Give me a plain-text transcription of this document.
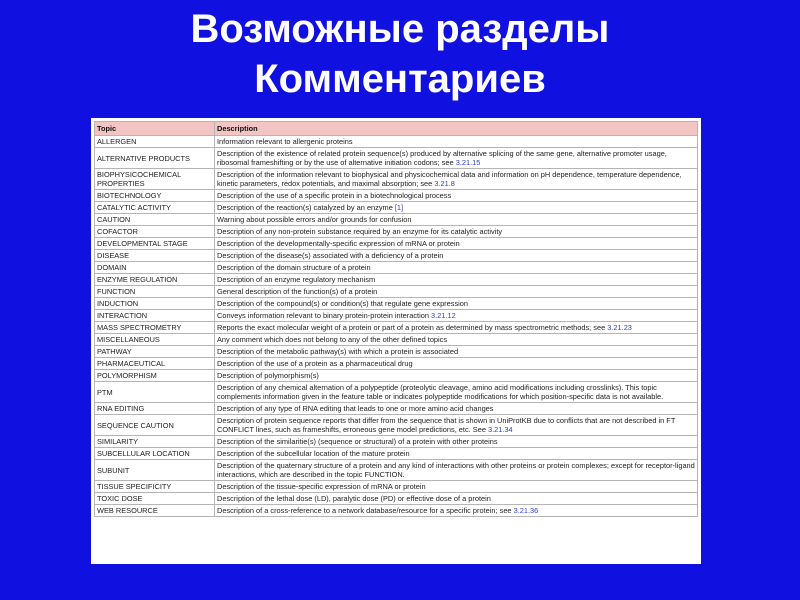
Возможные разделы
Комментариев
Topic	Description
ALLERGEN	Information relevant to allergenic proteins
ALTERNATIVE PRODUCTS	Description of the existence of related protein sequence(s) produced by alternative splicing of the same gene, alternative promoter usage, ribosomal frameshifting or by the use of alternative initiation codons; see 3.21.15
BIOPHYSICOCHEMICAL PROPERTIES	Description of the information relevant to biophysical and physicochemical data and information on pH dependence, temperature dependence, kinetic parameters, redox potentials, and maximal absorption; see 3.21.8
BIOTECHNOLOGY	Description of the use of a specific protein in a biotechnological process
CATALYTIC ACTIVITY	Description of the reaction(s) catalyzed by an enzyme [1]
CAUTION	Warning about possible errors and/or grounds for confusion
COFACTOR	Description of any non-protein substance required by an enzyme for its catalytic activity
DEVELOPMENTAL STAGE	Description of the developmentally-specific expression of mRNA or protein
DISEASE	Description of the disease(s) associated with a deficiency of a protein
DOMAIN	Description of the domain structure of a protein
ENZYME REGULATION	Description of an enzyme regulatory mechanism
FUNCTION	General description of the function(s) of a protein
INDUCTION	Description of the compound(s) or condition(s) that regulate gene expression
INTERACTION	Conveys information relevant to binary protein-protein interaction 3.21.12
MASS SPECTROMETRY	Reports the exact molecular weight of a protein or part of a protein as determined by mass spectrometric methods; see 3.21.23
MISCELLANEOUS	Any comment which does not belong to any of the other defined topics
PATHWAY	Description of the metabolic pathway(s) with which a protein is associated
PHARMACEUTICAL	Description of the use of a protein as a pharmaceutical drug
POLYMORPHISM	Description of polymorphism(s)
PTM	Description of any chemical alternation of a polypeptide (proteolytic cleavage, amino acid modifications including crosslinks). This topic complements information given in the feature table or indicates polypeptide modifications for which position-specific data is not available.
RNA EDITING	Description of any type of RNA editing that leads to one or more amino acid changes
SEQUENCE CAUTION	Description of protein sequence reports that differ from the sequence that is shown in UniProtKB due to conflicts that are not described in FT CONFLICT lines, such as frameshifts, erroneous gene model predictions, etc. See 3.21.34
SIMILARITY	Description of the similaritie(s) (sequence or structural) of a protein with other proteins
SUBCELLULAR LOCATION	Description of the subcellular location of the mature protein
SUBUNIT	Description of the quaternary structure of a protein and any kind of interactions with other proteins or protein complexes; except for receptor-ligand interactions, which are described in the topic FUNCTION.
TISSUE SPECIFICITY	Description of the tissue-specific expression of mRNA or protein
TOXIC DOSE	Description of the lethal dose (LD), paralytic dose (PD) or effective dose of a protein
WEB RESOURCE	Description of a cross-reference to a network database/resource for a specific protein; see 3.21.36
